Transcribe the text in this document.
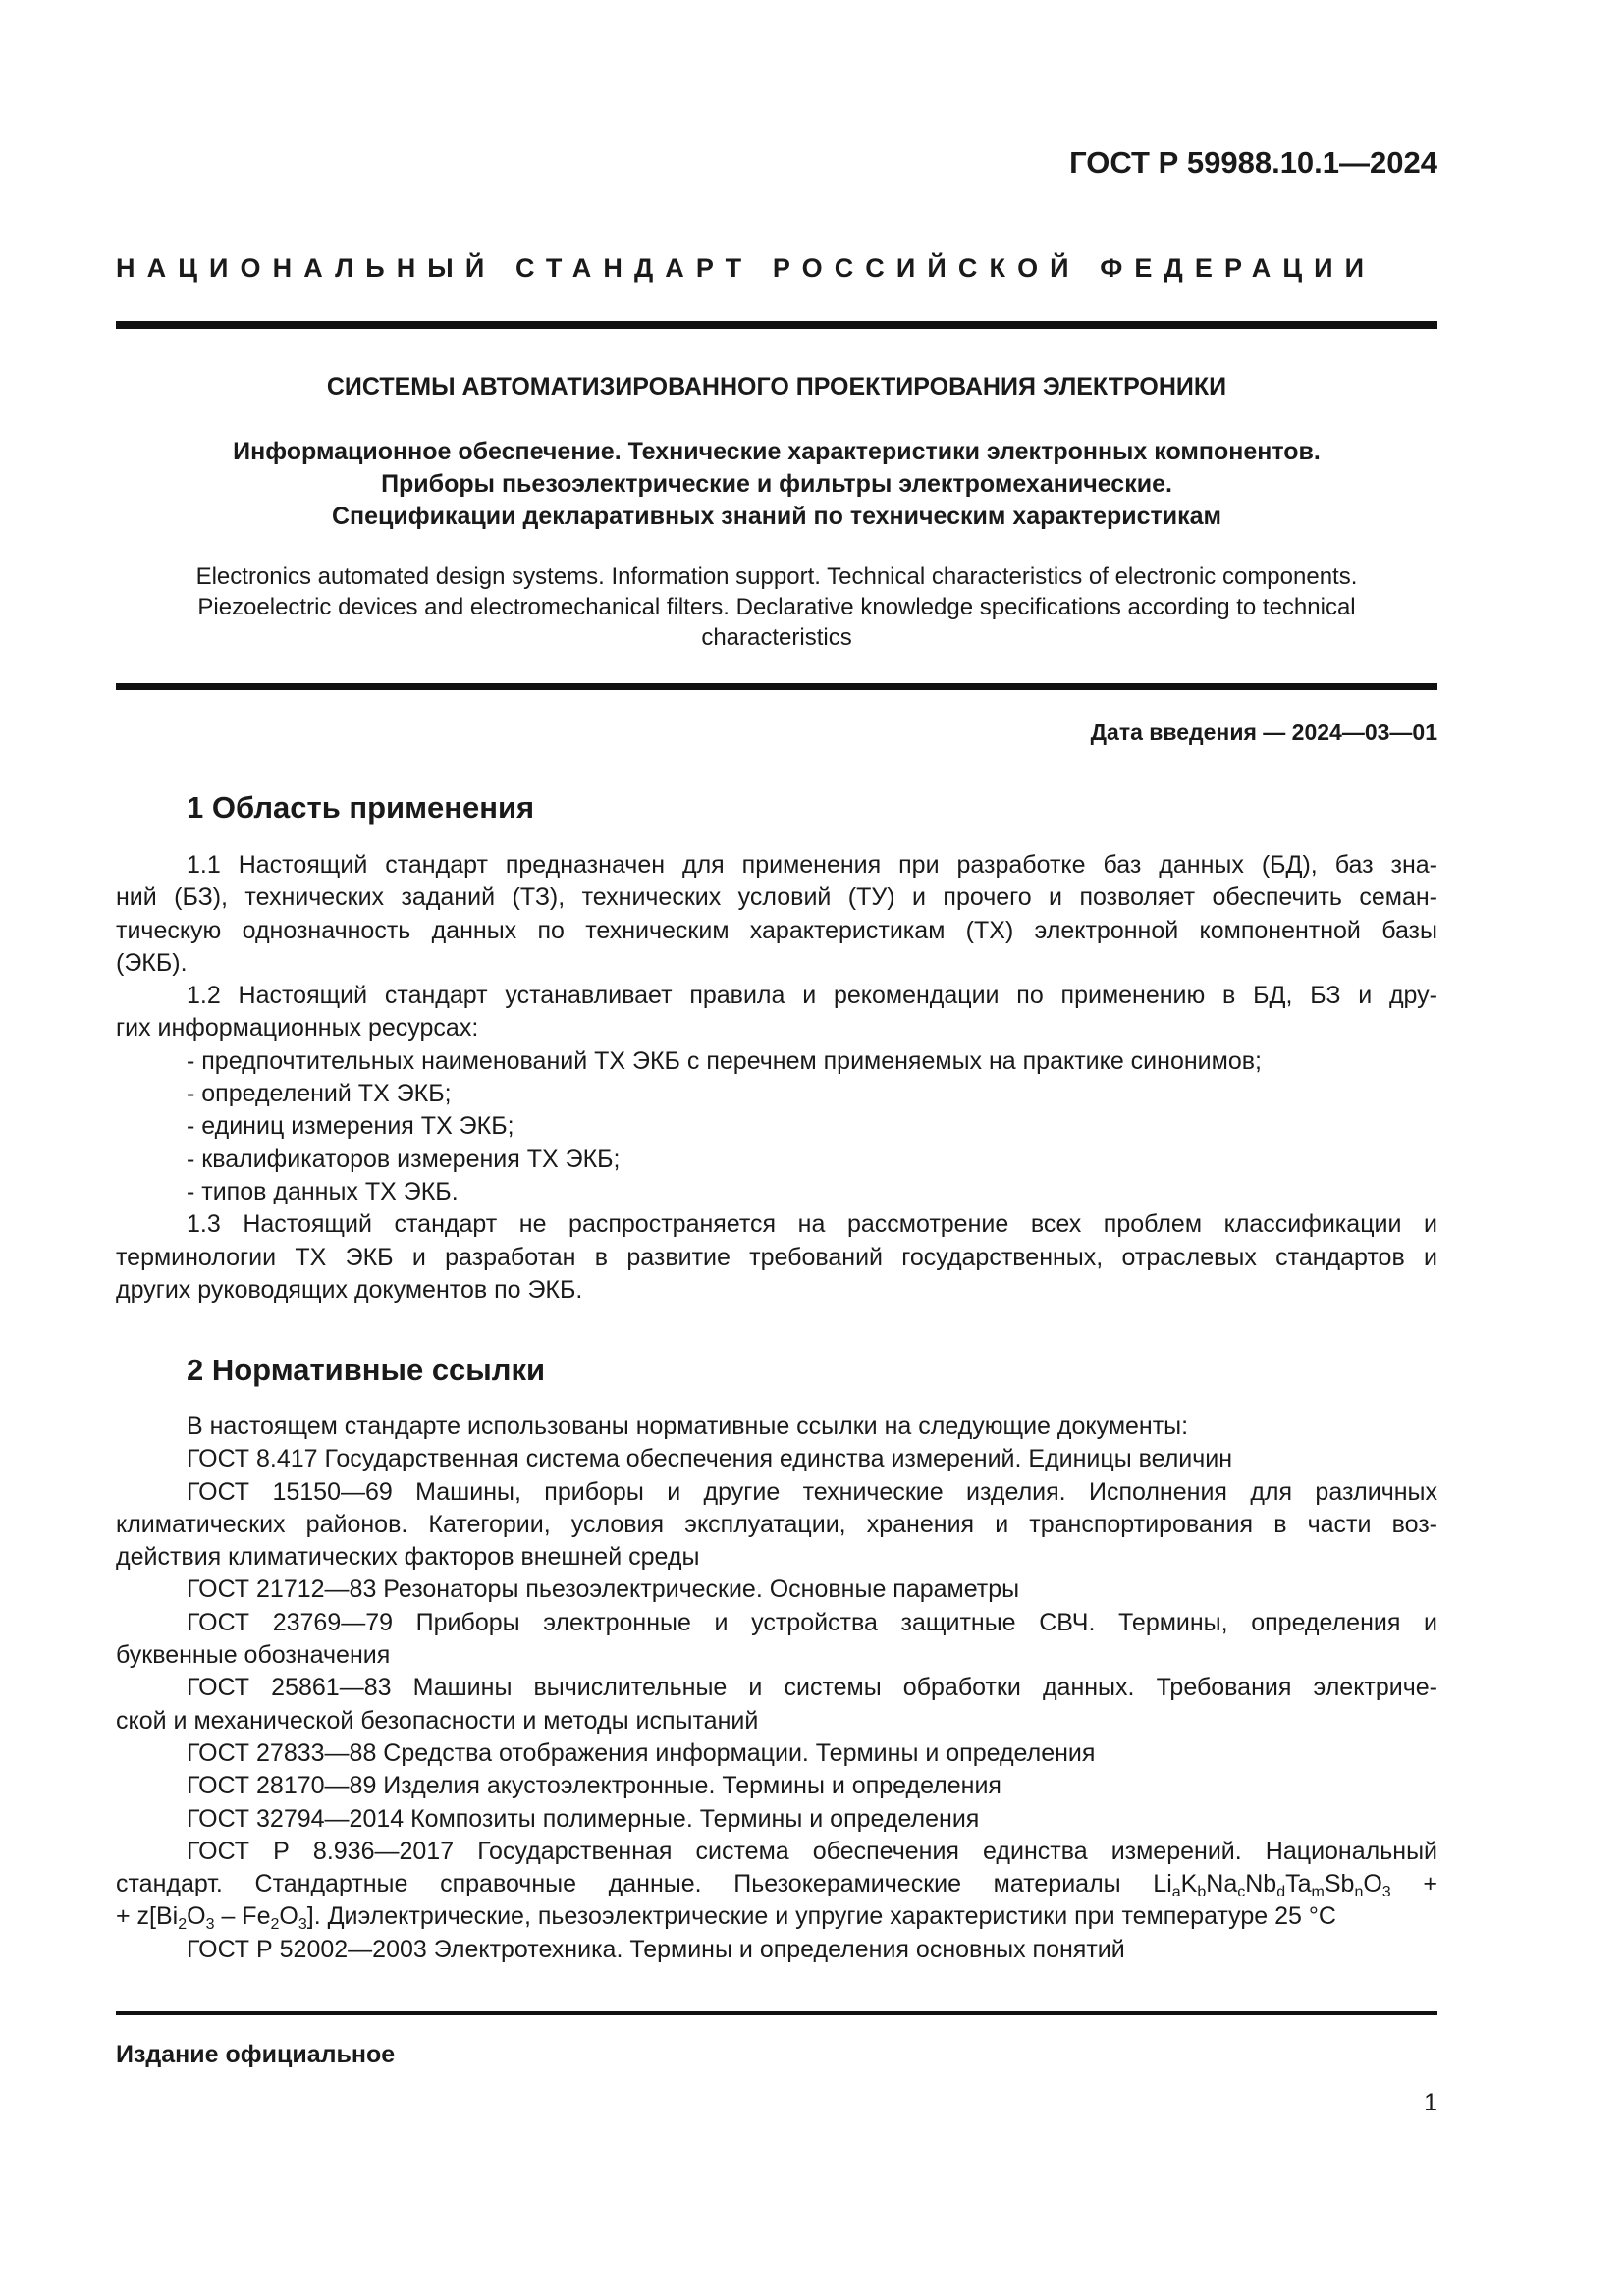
ГОСТ Р 59988.10.1—2024
НАЦИОНАЛЬНЫЙ СТАНДАРТ РОССИЙСКОЙ ФЕДЕРАЦИИ
СИСТЕМЫ АВТОМАТИЗИРОВАННОГО ПРОЕКТИРОВАНИЯ ЭЛЕКТРОНИКИ
Информационное обеспечение. Технические характеристики электронных компонентов.
Приборы пьезоэлектрические и фильтры электромеханические.
Спецификации декларативных знаний по техническим характеристикам
Electronics automated design systems. Information support. Technical characteristics of electronic components.
Piezoelectric devices and electromechanical filters. Declarative knowledge specifications according to technical
characteristics
Дата введения — 2024—03—01
1 Область применения
1.1 Настоящий стандарт предназначен для применения при разработке баз данных (БД), баз зна-
ний (БЗ), технических заданий (ТЗ), технических условий (ТУ) и прочего и позволяет обеспечить семан-
тическую однозначность данных по техническим характеристикам (ТХ) электронной компонентной базы
(ЭКБ).
1.2 Настоящий стандарт устанавливает правила и рекомендации по применению в БД, БЗ и дру-
гих информационных ресурсах:
- предпочтительных наименований ТХ ЭКБ с перечнем применяемых на практике синонимов;
- определений ТХ ЭКБ;
- единиц измерения ТХ ЭКБ;
- квалификаторов измерения ТХ ЭКБ;
- типов данных ТХ ЭКБ.
1.3 Настоящий стандарт не распространяется на рассмотрение всех проблем классификации и
терминологии ТХ ЭКБ и разработан в развитие требований государственных, отраслевых стандартов и
других руководящих документов по ЭКБ.
2 Нормативные ссылки
В настоящем стандарте использованы нормативные ссылки на следующие документы:
ГОСТ 8.417 Государственная система обеспечения единства измерений. Единицы величин
ГОСТ 15150—69 Машины, приборы и другие технические изделия. Исполнения для различных
климатических районов. Категории, условия эксплуатации, хранения и транспортирования в части воз-
действия климатических факторов внешней среды
ГОСТ 21712—83 Резонаторы пьезоэлектрические. Основные параметры
ГОСТ 23769—79 Приборы электронные и устройства защитные СВЧ. Термины, определения и
буквенные обозначения
ГОСТ 25861—83 Машины вычислительные и системы обработки данных. Требования электриче-
ской и механической безопасности и методы испытаний
ГОСТ 27833—88 Средства отображения информации. Термины и определения
ГОСТ 28170—89 Изделия акустоэлектронные. Термины и определения
ГОСТ 32794—2014 Композиты полимерные. Термины и определения
ГОСТ Р 8.936—2017 Государственная система обеспечения единства измерений. Национальный
стандарт. Стандартные справочные данные. Пьезокерамические материалы $Li_aK_bNa_cNb_dTa_mSb_nO_3$ +
+ $z[Bi_2O_3 - Fe_2O_3]$. Диэлектрические, пьезоэлектрические и упругие характеристики при температуре 25 °С
ГОСТ Р 52002—2003 Электротехника. Термины и определения основных понятий
Издание официальное
1
